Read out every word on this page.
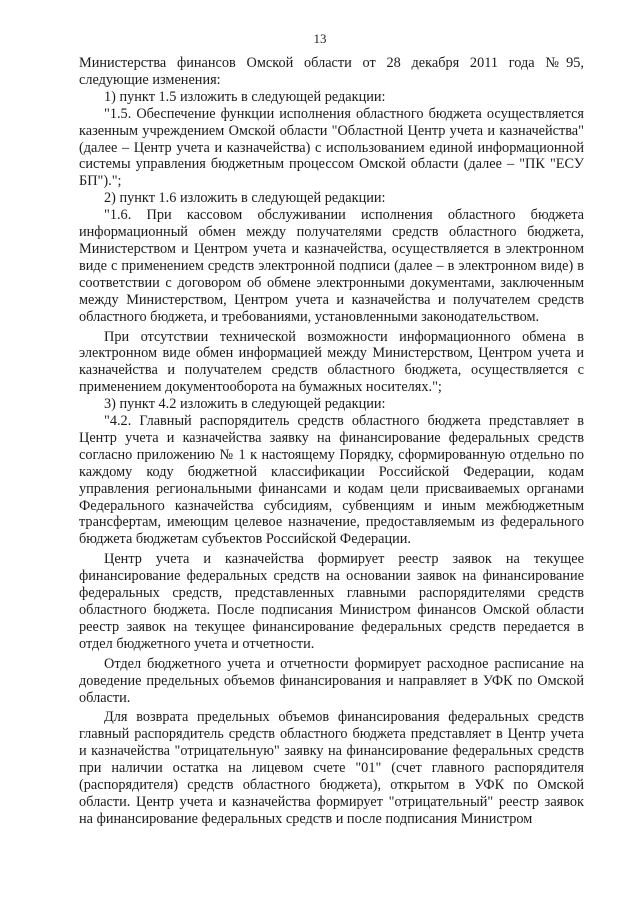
13

Министерства финансов Омской области от 28 декабря 2011 года №95, следующие изменения:

1) пункт 1.5 изложить в следующей редакции:

"1.5. Обеспечение функции исполнения областного бюджета осуществляется казенным учреждением Омской области "Областной Центр учета и казначейства" (далее – Центр учета и казначейства) с использованием единой информационной системы управления бюджетным процессом Омской области (далее – "ПК "ЕСУ БП").";

2) пункт 1.6 изложить в следующей редакции:

"1.6. При кассовом обслуживании исполнения областного бюджета информационный обмен между получателями средств областного бюджета, Министерством и Центром учета и казначейства, осуществляется в электронном виде с применением средств электронной подписи (далее – в электронном виде) в соответствии с договором об обмене электронными документами, заключенным между Министерством, Центром учета и казначейства и получателем средств областного бюджета, и требованиями, установленными законодательством.

При отсутствии технической возможности информационного обмена в электронном виде обмен информацией между Министерством, Центром учета и казначейства и получателем средств областного бюджета, осуществляется с применением документооборота на бумажных носителях.";

3) пункт 4.2 изложить в следующей редакции:

"4.2. Главный распорядитель средств областного бюджета представляет в Центр учета и казначейства заявку на финансирование федеральных средств согласно приложению № 1 к настоящему Порядку, сформированную отдельно по каждому коду бюджетной классификации Российской Федерации, кодам управления региональными финансами и кодам цели присваиваемых органами Федерального казначейства субсидиям, субвенциям и иным межбюджетным трансфертам, имеющим целевое назначение, предоставляемым из федерального бюджета бюджетам субъектов Российской Федерации.

Центр учета и казначейства формирует реестр заявок на текущее финансирование федеральных средств на основании заявок на финансирование федеральных средств, представленных главными распорядителями средств областного бюджета. После подписания Министром финансов Омской области реестр заявок на текущее финансирование федеральных средств передается в отдел бюджетного учета и отчетности.

Отдел бюджетного учета и отчетности формирует расходное расписание на доведение предельных объемов финансирования и направляет в УФК по Омской области.

Для возврата предельных объемов финансирования федеральных средств главный распорядитель средств областного бюджета представляет в Центр учета и казначейства "отрицательную" заявку на финансирование федеральных средств при наличии остатка на лицевом счете "01" (счет главного распорядителя (распорядителя) средств областного бюджета), открытом в УФК по Омской области. Центр учета и казначейства формирует "отрицательный" реестр заявок на финансирование федеральных средств и после подписания Министром
